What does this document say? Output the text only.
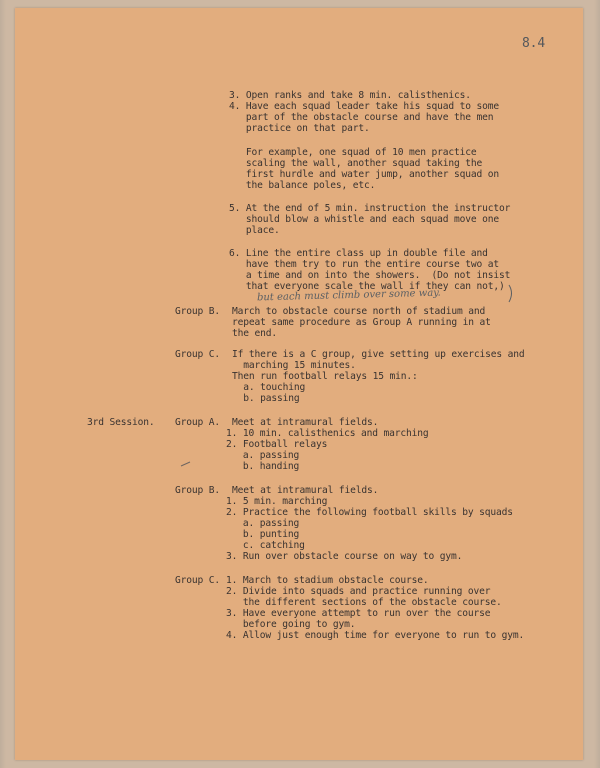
8.4
3. Open ranks and take 8 min. calisthenics.
4. Have each squad leader take his squad to some
part of the obstacle course and have the men
practice on that part.
For example, one squad of 10 men practice
scaling the wall, another squad taking the
first hurdle and water jump, another squad on
the balance poles, etc.
5. At the end of 5 min. instruction the instructor
should blow a whistle and each squad move one
place.
6. Line the entire class up in double file and
have them try to run the entire course two at
a time and on into the showers.  (Do not insist
that everyone scale the wall if they can not,)
but each must climb over some way.
Group B. March to obstacle course north of stadium and
repeat same procedure as Group A running in at
the end.
Group C. If there is a C group, give setting up exercises and
marching 15 minutes.
Then run football relays 15 min.:
a. touching
b. passing
3rd Session. Group A. Meet at intramural fields.
1. 10 min. calisthenics and marching
2. Football relays
a. passing
b. handing
Group B. Meet at intramural fields.
1. 5 min. marching
2. Practice the following football skills by squads
a. passing
b. punting
c. catching
3. Run over obstacle course on way to gym.
Group C. 1. March to stadium obstacle course.
2. Divide into squads and practice running over
the different sections of the obstacle course.
3. Have everyone attempt to run over the course
before going to gym.
4. Allow just enough time for everyone to run to gym.
